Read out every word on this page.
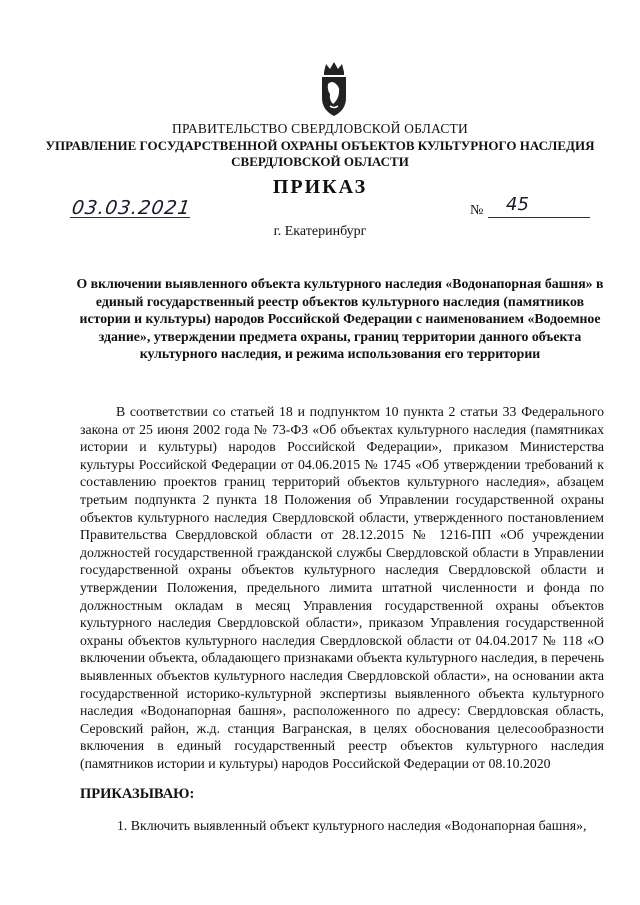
ПРАВИТЕЛЬСТВО СВЕРДЛОВСКОЙ ОБЛАСТИ
УПРАВЛЕНИЕ ГОСУДАРСТВЕННОЙ ОХРАНЫ ОБЪЕКТОВ КУЛЬТУРНОГО НАСЛЕДИЯ
СВЕРДЛОВСКОЙ ОБЛАСТИ
ПРИКАЗ
03.03.2021	№ 45
г. Екатеринбург
О включении выявленного объекта культурного наследия «Водонапорная башня» в единый государственный реестр объектов культурного наследия (памятников истории и культуры) народов Российской Федерации с наименованием «Водоемное здание», утверждении предмета охраны, границ территории данного объекта культурного наследия, и режима использования его территории

В соответствии со статьей 18 и подпунктом 10 пункта 2 статьи 33 Федерального закона от 25 июня 2002 года № 73-ФЗ «Об объектах культурного наследия (памятниках истории и культуры) народов Российской Федерации», приказом Министерства культуры Российской Федерации от 04.06.2015 № 1745 «Об утверждении требований к составлению проектов границ территорий объектов культурного наследия», абзацем третьим подпункта 2 пункта 18 Положения об Управлении государственной охраны объектов культурного наследия Свердловской области, утвержденного постановлением Правительства Свердловской области от 28.12.2015 № 1216-ПП «Об учреждении должностей государственной гражданской службы Свердловской области в Управлении государственной охраны объектов культурного наследия Свердловской области и утверждении Положения, предельного лимита штатной численности и фонда по должностным окладам в месяц Управления государственной охраны объектов культурного наследия Свердловской области», приказом Управления государственной охраны объектов культурного наследия Свердловской области от 04.04.2017 № 118 «О включении объекта, обладающего признаками объекта культурного наследия, в перечень выявленных объектов культурного наследия Свердловской области», на основании акта государственной историко-культурной экспертизы выявленного объекта культурного наследия «Водонапорная башня», расположенного по адресу: Свердловская область, Серовский район, ж.д. станция Вагранская, в целях обоснования целесообразности включения в единый государственный реестр объектов культурного наследия (памятников истории и культуры) народов Российской Федерации от 08.10.2020

ПРИКАЗЫВАЮ:
1. Включить выявленный объект культурного наследия «Водонапорная башня»,
